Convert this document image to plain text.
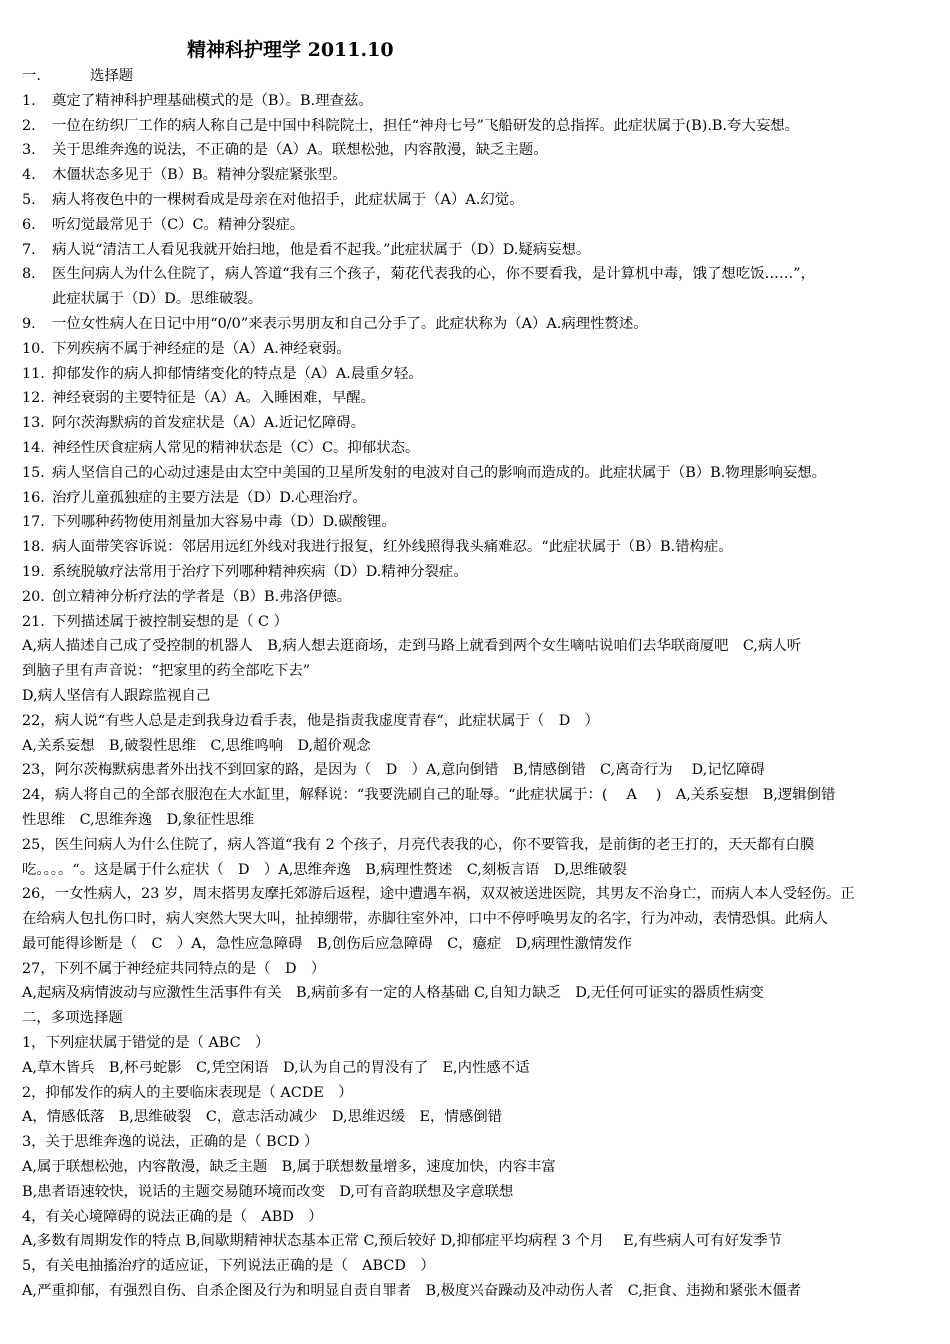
精神科护理学 2011.10
一.	选择题
1.	奠定了精神科护理基础模式的是（B）。B.理查兹。
2.	一位在纺织厂工作的病人称自己是中国中科院院士，担任“神舟七号”飞船研发的总指挥。此症状属于(B).B.夸大妄想。
3.	关于思维奔逸的说法，不正确的是（A）A。联想松弛，内容散漫，缺乏主题。
4.	木僵状态多见于（B）B。精神分裂症紧张型。
5.	病人将夜色中的一棵树看成是母亲在对他招手，此症状属于（A）A.幻觉。
6.	听幻觉最常见于（C）C。精神分裂症。
7.	病人说“清洁工人看见我就开始扫地，他是看不起我。”此症状属于（D）D.疑病妄想。
8.	医生问病人为什么住院了，病人答道“我有三个孩子，菊花代表我的心，你不要看我，是计算机中毒，饿了想吃饭……”，
此症状属于（D）D。思维破裂。
9.	一位女性病人在日记中用“0/0”来表示男朋友和自己分手了。此症状称为（A）A.病理性赘述。
10. 下列疾病不属于神经症的是（A）A.神经衰弱。
11. 抑郁发作的病人抑郁情绪变化的特点是（A）A.晨重夕轻。
12. 神经衰弱的主要特征是（A）A。入睡困难，早醒。
13. 阿尔茨海默病的首发症状是（A）A.近记忆障碍。
14. 神经性厌食症病人常见的精神状态是（C）C。抑郁状态。
15. 病人坚信自己的心动过速是由太空中美国的卫星所发射的电波对自己的影响而造成的。此症状属于（B）B.物理影响妄想。
16. 治疗儿童孤独症的主要方法是（D）D.心理治疗。
17. 下列哪种药物使用剂量加大容易中毒（D）D.碳酸锂。
18. 病人面带笑容诉说：邻居用远红外线对我进行报复，红外线照得我头痛难忍。“此症状属于（B）B.错构症。
19. 系统脱敏疗法常用于治疗下列哪种精神疾病（D）D.精神分裂症。
20. 创立精神分析疗法的学者是（B）B.弗洛伊德。
21. 下列描述属于被控制妄想的是（ C ）
A,病人描述自己成了受控制的机器人　B,病人想去逛商场，走到马路上就看到两个女生嘀咕说咱们去华联商厦吧　C,病人听
到脑子里有声音说：“把家里的药全部吃下去”
D,病人坚信有人跟踪监视自己
22，病人说“有些人总是走到我身边看手表，他是指责我虚度青春“，此症状属于（　D　）
A,关系妄想　B,破裂性思维　C,思维鸣响　D,超价观念
23，阿尔茨梅默病患者外出找不到回家的路，是因为（　D　）A,意向倒错　B,情感倒错　C,离奇行为　 D,记忆障碍
24，病人将自己的全部衣服泡在大水缸里，解释说：“我要洗刷自己的耻辱。“此症状属于：(　 A　 )　A,关系妄想　B,逻辑倒错
性思维　C,思维奔逸　D,象征性思维
25，医生问病人为什么住院了，病人答道“我有 2 个孩子，月亮代表我的心，你不要管我，是前街的老王打的，天天都有白膜
吃。。。。“。这是属于什么症状（　D　）A,思维奔逸　B,病理性赘述　C,刻板言语　D,思维破裂
26，一女性病人，23 岁，周末搭男友摩托郊游后返程，途中遭遇车祸，双双被送进医院，其男友不治身亡，而病人本人受轻伤。正
在给病人包扎伤口时，病人突然大哭大叫，扯掉绷带，赤脚往室外冲，口中不停呼唤男友的名字，行为冲动，表情恐惧。此病人
最可能得诊断是（　C　）A，急性应急障碍　B,创伤后应急障碍　C，癔症　D,病理性激情发作
27，下列不属于神经症共同特点的是（　D　）
A,起病及病情波动与应激性生活事件有关　B,病前多有一定的人格基础 C,自知力缺乏　D,无任何可证实的器质性病变
二，多项选择题
1，下列症状属于错觉的是（ ABC　）
A,草木皆兵　B,杯弓蛇影　C,凭空闲语　D,认为自己的胃没有了　E,内性感不适
2，抑郁发作的病人的主要临床表现是（ ACDE　）
A，情感低落　B,思维破裂　C，意志活动减少　D,思维迟缓　E，情感倒错
3，关于思维奔逸的说法，正确的是（ BCD ）
A,属于联想松弛，内容散漫，缺乏主题　B,属于联想数量增多，速度加快，内容丰富
B,患者语速较快，说话的主题交易随环境而改变　D,可有音韵联想及字意联想
4，有关心境障碍的说法正确的是（　ABD　）
A,多数有周期发作的特点 B,间歇期精神状态基本正常 C,预后较好 D,抑郁症平均病程 3 个月　 E,有些病人可有好发季节
5，有关电抽搐治疗的适应证，下列说法正确的是（　ABCD　）
A,严重抑郁，有强烈自伤、自杀企图及行为和明显自责自罪者　B,极度兴奋躁动及冲动伤人者　C,拒食、违拗和紧张木僵者
